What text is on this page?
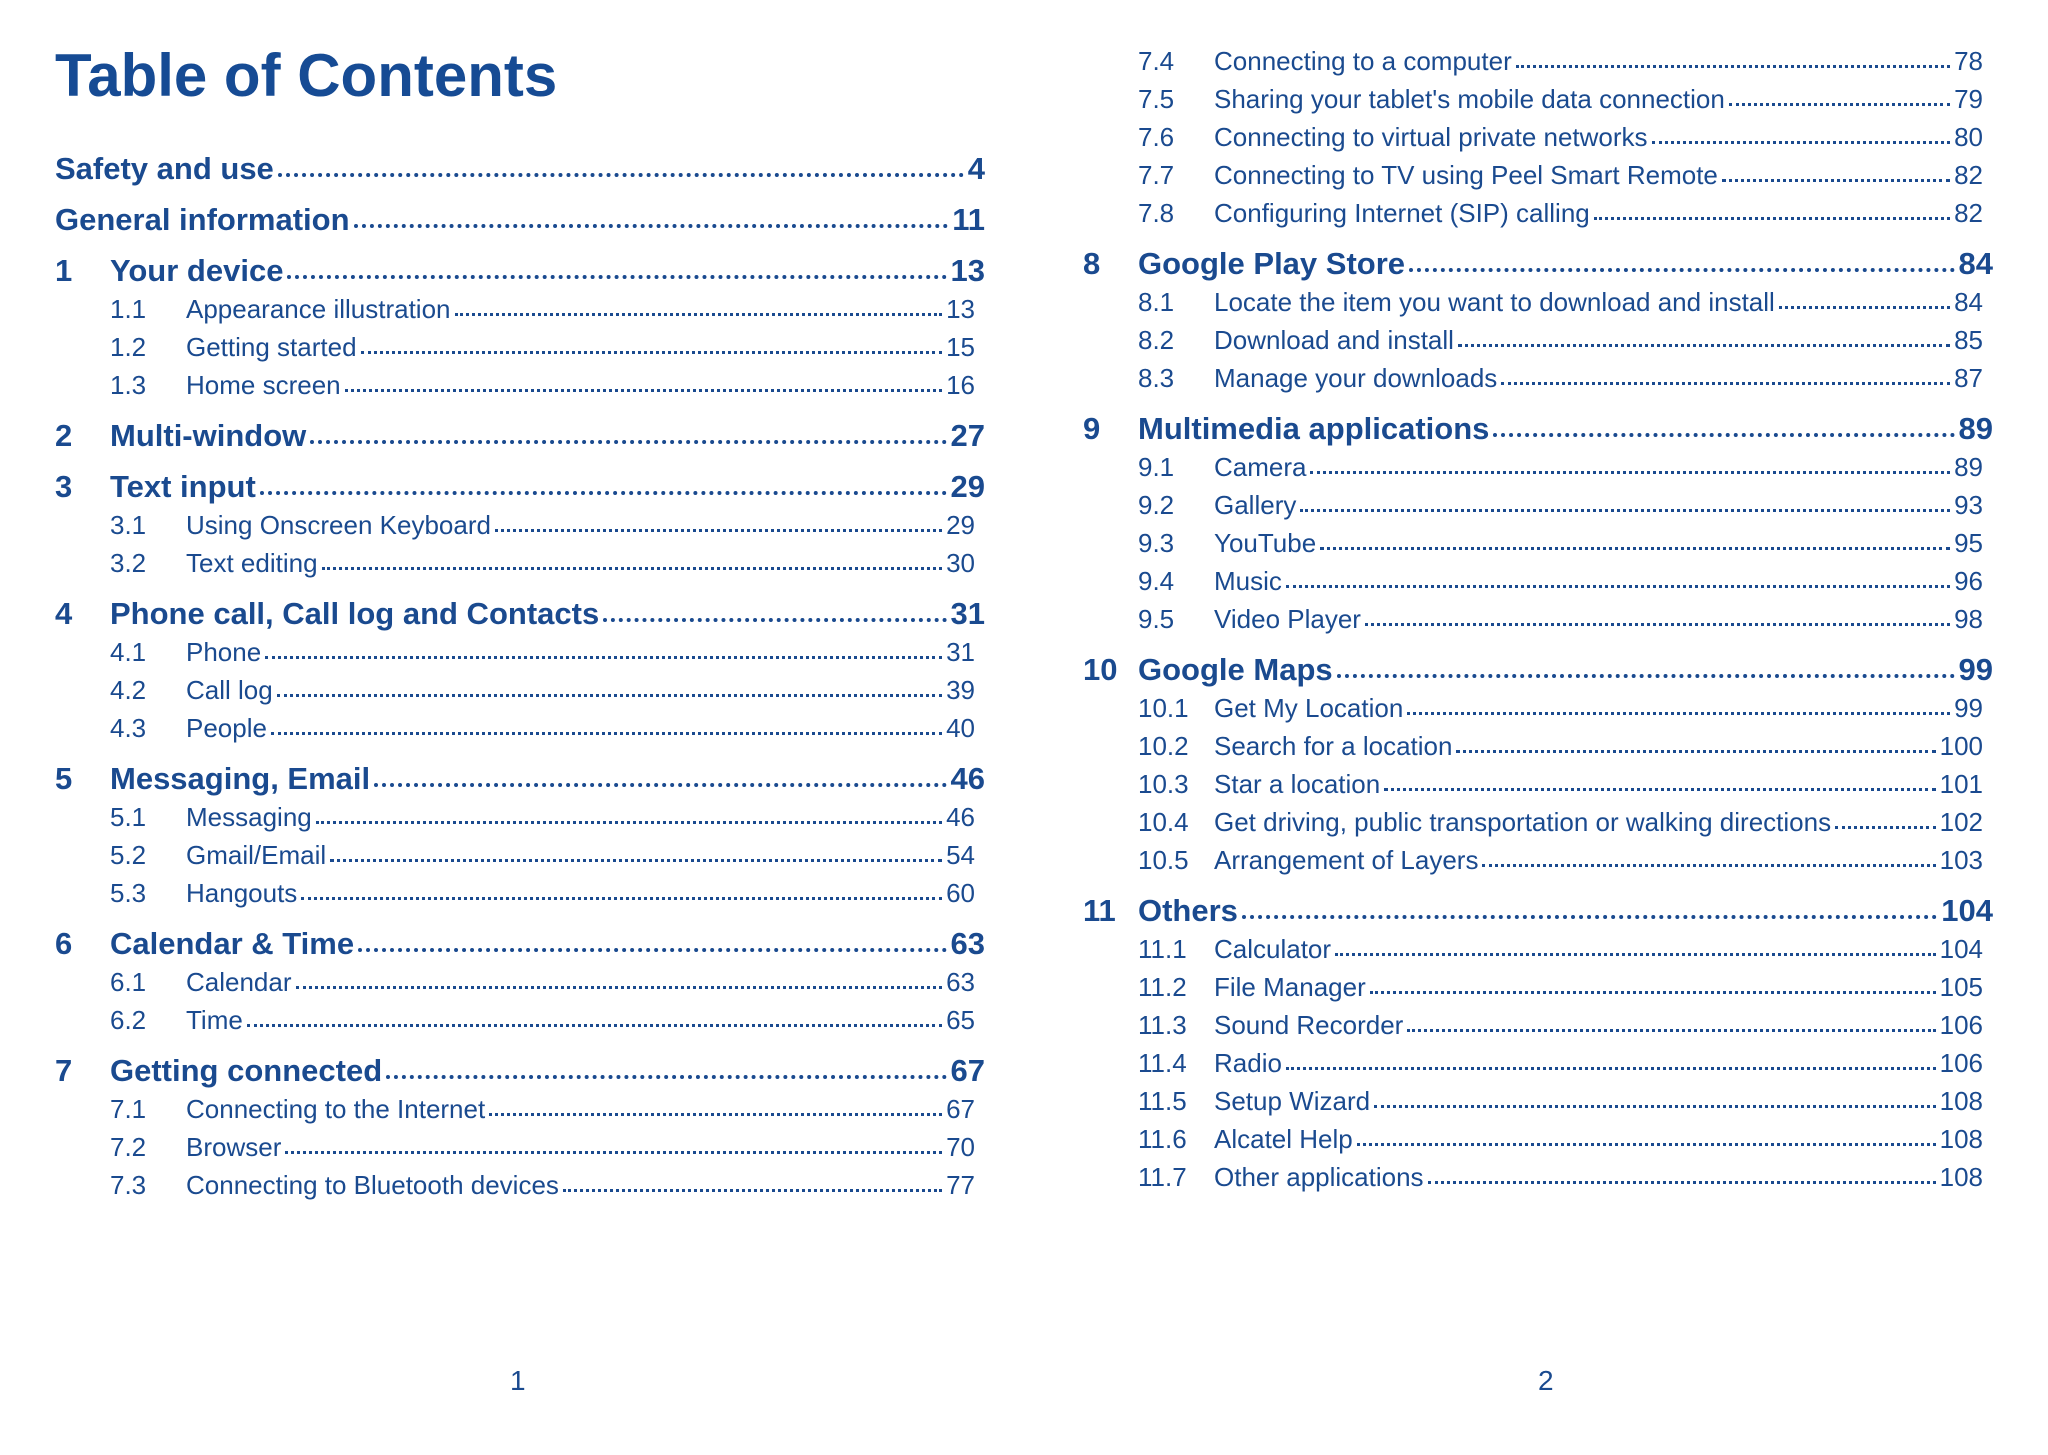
Table of Contents
Safety and use	4
General information	11
1	Your device	13
1.1	Appearance illustration	13
1.2	Getting started	15
1.3	Home screen	16
2	Multi-window	27
3	Text input	29
3.1	Using Onscreen Keyboard	29
3.2	Text editing	30
4	Phone call, Call log and Contacts	31
4.1	Phone	31
4.2	Call log	39
4.3	People	40
5	Messaging, Email	46
5.1	Messaging	46
5.2	Gmail/Email	54
5.3	Hangouts	60
6	Calendar & Time	63
6.1	Calendar	63
6.2	Time	65
7	Getting connected	67
7.1	Connecting to the Internet	67
7.2	Browser	70
7.3	Connecting to Bluetooth devices	77
1
7.4	Connecting to a computer	78
7.5	Sharing your tablet's mobile data connection	79
7.6	Connecting to virtual private networks	80
7.7	Connecting to TV using Peel Smart Remote	82
7.8	Configuring Internet (SIP) calling	82
8	Google Play Store	84
8.1	Locate the item you want to download and install	84
8.2	Download and install	85
8.3	Manage your downloads	87
9	Multimedia applications	89
9.1	Camera	89
9.2	Gallery	93
9.3	YouTube	95
9.4	Music	96
9.5	Video Player	98
10 Google Maps	99
10.1 Get My Location	99
10.2 Search for a location	100
10.3 Star a location	101
10.4 Get driving, public transportation or walking directions	102
10.5 Arrangement of Layers	103
11 Others	104
11.1	Calculator	104
11.2	File Manager	105
11.3	Sound Recorder	106
11.4	Radio	106
11.5	Setup Wizard	108
11.6	Alcatel Help	108
11.7	Other applications	108
2
